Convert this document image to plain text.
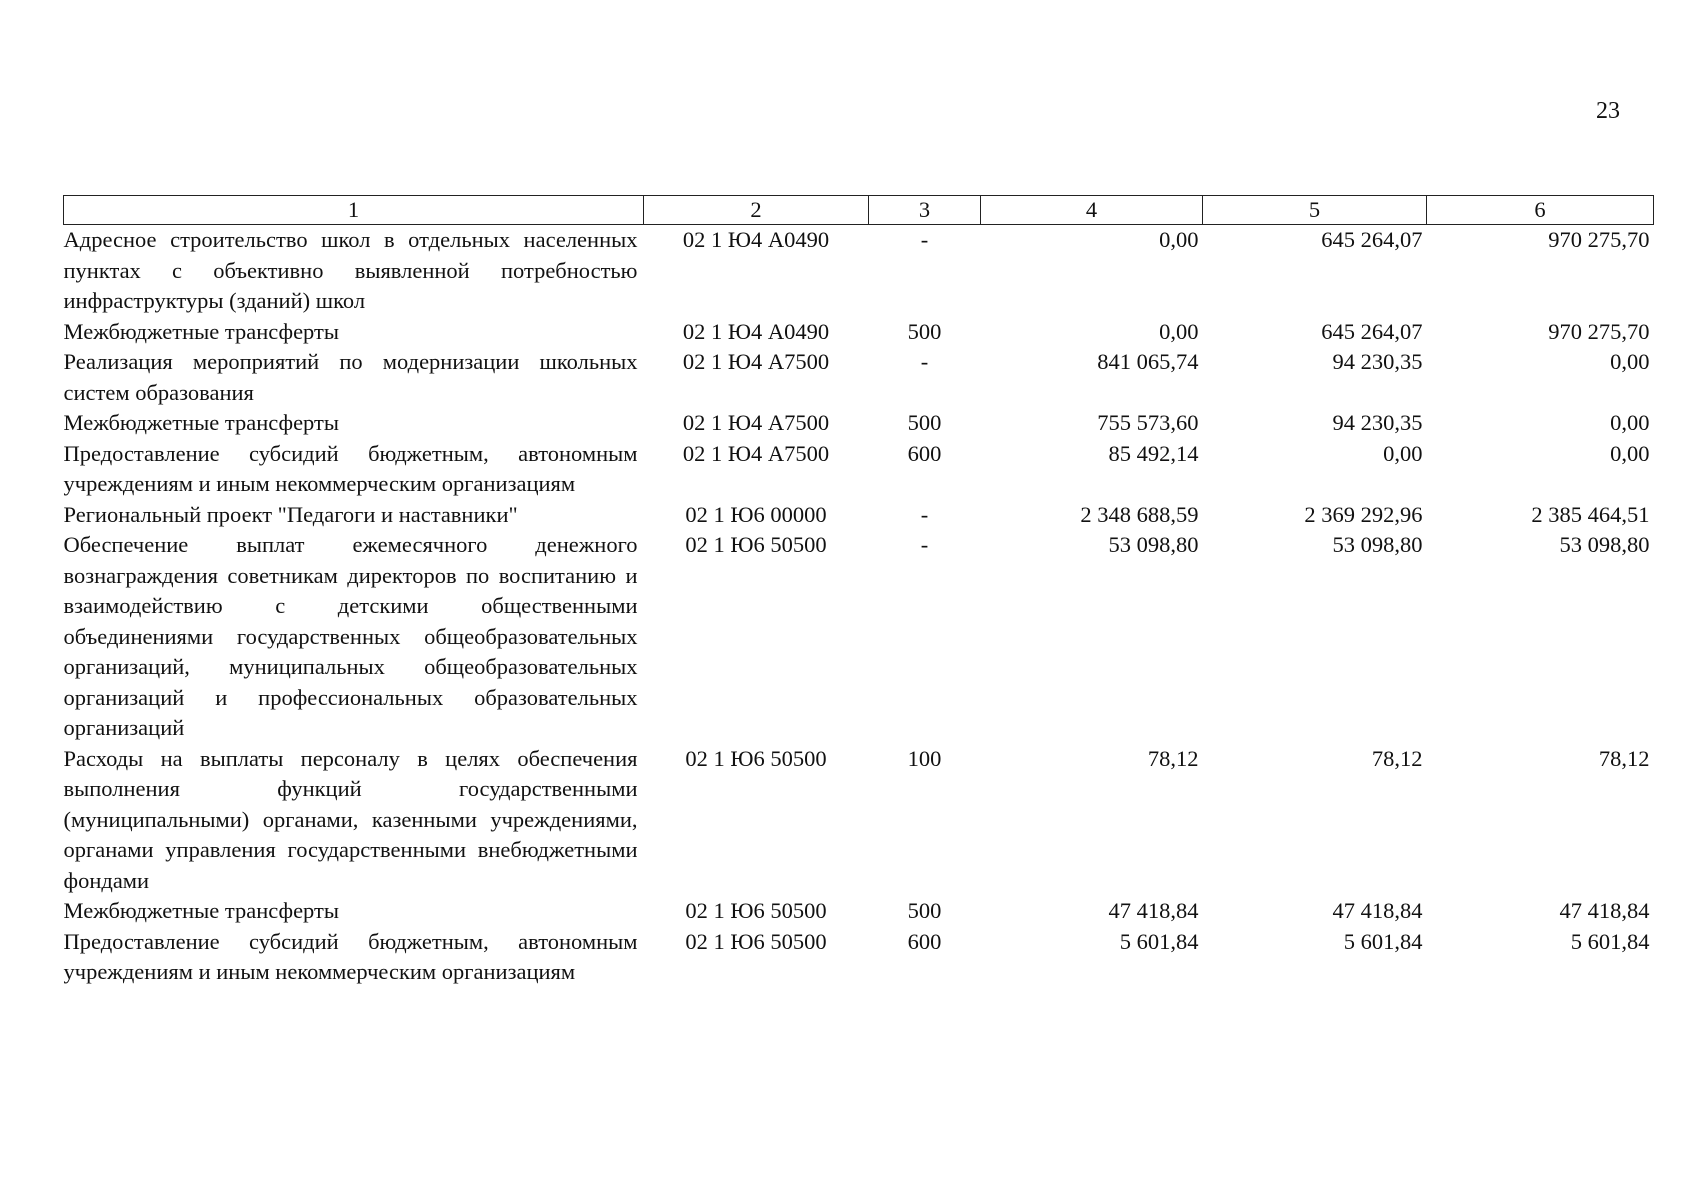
23
1	2	3	4	5	6
Адресное строительство школ в отдельных населенных пунктах с объективно выявленной потребностью инфраструктуры (зданий) школ	02 1 Ю4 А0490	-	0,00	645 264,07	970 275,70
Межбюджетные трансферты	02 1 Ю4 А0490	500	0,00	645 264,07	970 275,70
Реализация мероприятий по модернизации школьных систем образования	02 1 Ю4 А7500	-	841 065,74	94 230,35	0,00
Межбюджетные трансферты	02 1 Ю4 А7500	500	755 573,60	94 230,35	0,00
Предоставление субсидий бюджетным, автономным учреждениям и иным некоммерческим организациям	02 1 Ю4 А7500	600	85 492,14	0,00	0,00
Региональный проект "Педагоги и наставники"	02 1 Ю6 00000	-	2 348 688,59	2 369 292,96	2 385 464,51
Обеспечение выплат ежемесячного денежного вознаграждения советникам директоров по воспитанию и взаимодействию с детскими общественными объединениями государственных общеобразовательных организаций, муниципальных общеобразовательных организаций и профессиональных образовательных организаций	02 1 Ю6 50500	-	53 098,80	53 098,80	53 098,80
Расходы на выплаты персоналу в целях обеспечения выполнения функций государственными (муниципальными) органами, казенными учреждениями, органами управления государственными внебюджетными фондами	02 1 Ю6 50500	100	78,12	78,12	78,12
Межбюджетные трансферты	02 1 Ю6 50500	500	47 418,84	47 418,84	47 418,84
Предоставление субсидий бюджетным, автономным учреждениям и иным некоммерческим организациям	02 1 Ю6 50500	600	5 601,84	5 601,84	5 601,84
